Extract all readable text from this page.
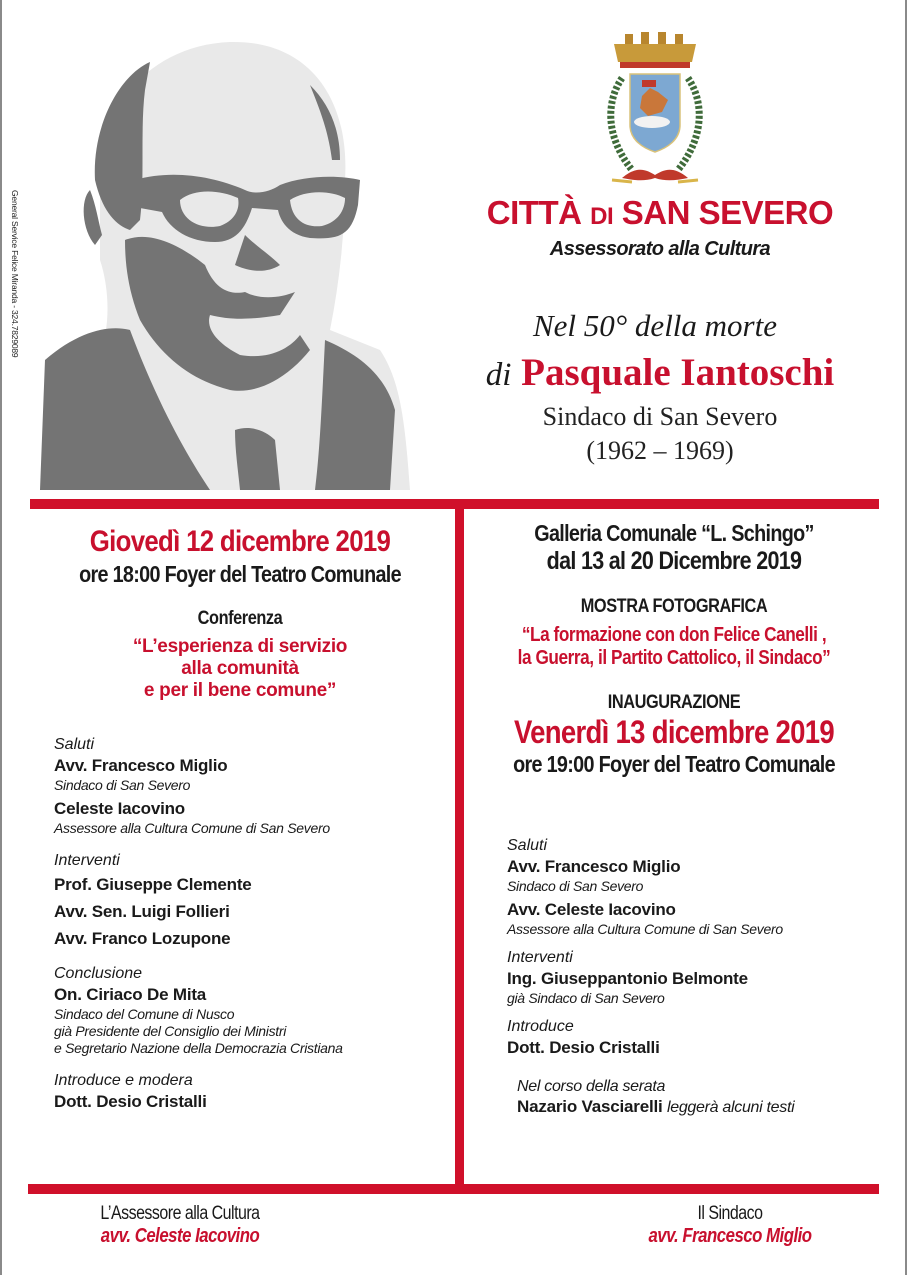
General Service Felice Miranda - 324.7829089	CITTÀ DI SAN SEVERO
Assessorato alla Cultura
Nel 50° della morte
di Pasquale Iantoschi
Sindaco di San Severo
(1962 – 1969)
Giovedì 12 dicembre 2019
ore 18:00 Foyer del Teatro Comunale
Conferenza
“L’esperienza di servizio
alla comunità
e per il bene comune”
Saluti
Avv. Francesco Miglio
Sindaco di San Severo
Celeste Iacovino
Assessore alla Cultura Comune di San Severo
Interventi
Prof. Giuseppe Clemente
Avv. Sen. Luigi Follieri
Avv. Franco Lozupone
Conclusione
On. Ciriaco De Mita
Sindaco del Comune di Nusco
già Presidente del Consiglio dei Ministri
e Segretario Nazione della Democrazia Cristiana
Introduce e modera
Dott. Desio Cristalli
Galleria Comunale “L. Schingo”
dal 13 al 20 Dicembre 2019
MOSTRA FOTOGRAFICA
“La formazione con don Felice Canelli ,
la Guerra, il Partito Cattolico, il Sindaco”
INAUGURAZIONE
Venerdì 13 dicembre 2019
ore 19:00 Foyer del Teatro Comunale
Saluti
Avv. Francesco Miglio
Sindaco di San Severo
Avv. Celeste Iacovino
Assessore alla Cultura Comune di San Severo
Interventi
Ing. Giuseppantonio Belmonte
già Sindaco di San Severo
Introduce
Dott. Desio Cristalli
Nel corso della serata
Nazario Vasciarelli leggerà alcuni testi
L’Assessore alla Cultura
avv. Celeste Iacovino
Il Sindaco
avv. Francesco Miglio
